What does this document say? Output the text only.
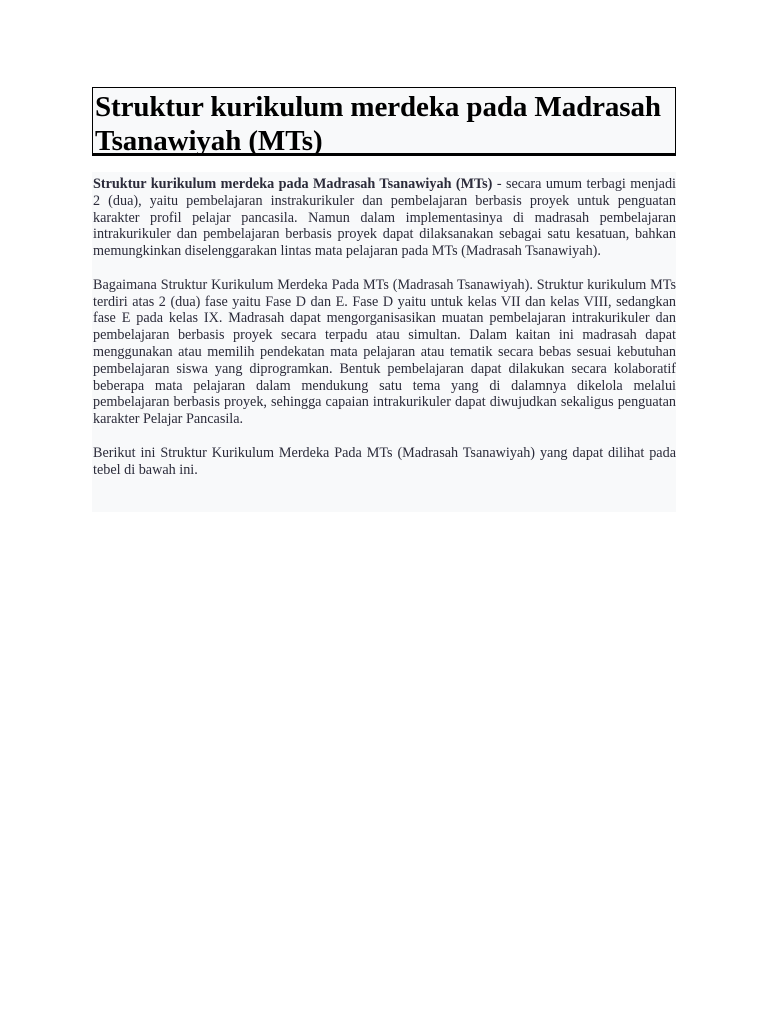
Struktur kurikulum merdeka pada Madrasah Tsanawiyah (MTs)

Struktur kurikulum merdeka pada Madrasah Tsanawiyah (MTs) - secara umum terbagi menjadi 2 (dua), yaitu pembelajaran instrakurikuler dan pembelajaran berbasis proyek untuk penguatan karakter profil pelajar pancasila. Namun dalam implementasinya di madrasah pembelajaran intrakurikuler dan pembelajaran berbasis proyek dapat dilaksanakan sebagai satu kesatuan, bahkan memungkinkan diselenggarakan lintas mata pelajaran pada MTs (Madrasah Tsanawiyah).

Bagaimana Struktur Kurikulum Merdeka Pada MTs (Madrasah Tsanawiyah). Struktur kurikulum MTs terdiri atas 2 (dua) fase yaitu Fase D dan E. Fase D yaitu untuk kelas VII dan kelas VIII, sedangkan fase E pada kelas IX. Madrasah dapat mengorganisasikan muatan pembelajaran intrakurikuler dan pembelajaran berbasis proyek secara terpadu atau simultan. Dalam kaitan ini madrasah dapat menggunakan atau memilih pendekatan mata pelajaran atau tematik secara bebas sesuai kebutuhan pembelajaran siswa yang diprogramkan. Bentuk pembelajaran dapat dilakukan secara kolaboratif beberapa mata pelajaran dalam mendukung satu tema yang di dalamnya dikelola melalui pembelajaran berbasis proyek, sehingga capaian intrakurikuler dapat diwujudkan sekaligus penguatan karakter Pelajar Pancasila.

Berikut ini Struktur Kurikulum Merdeka Pada MTs (Madrasah Tsanawiyah) yang dapat dilihat pada tebel di bawah ini.
